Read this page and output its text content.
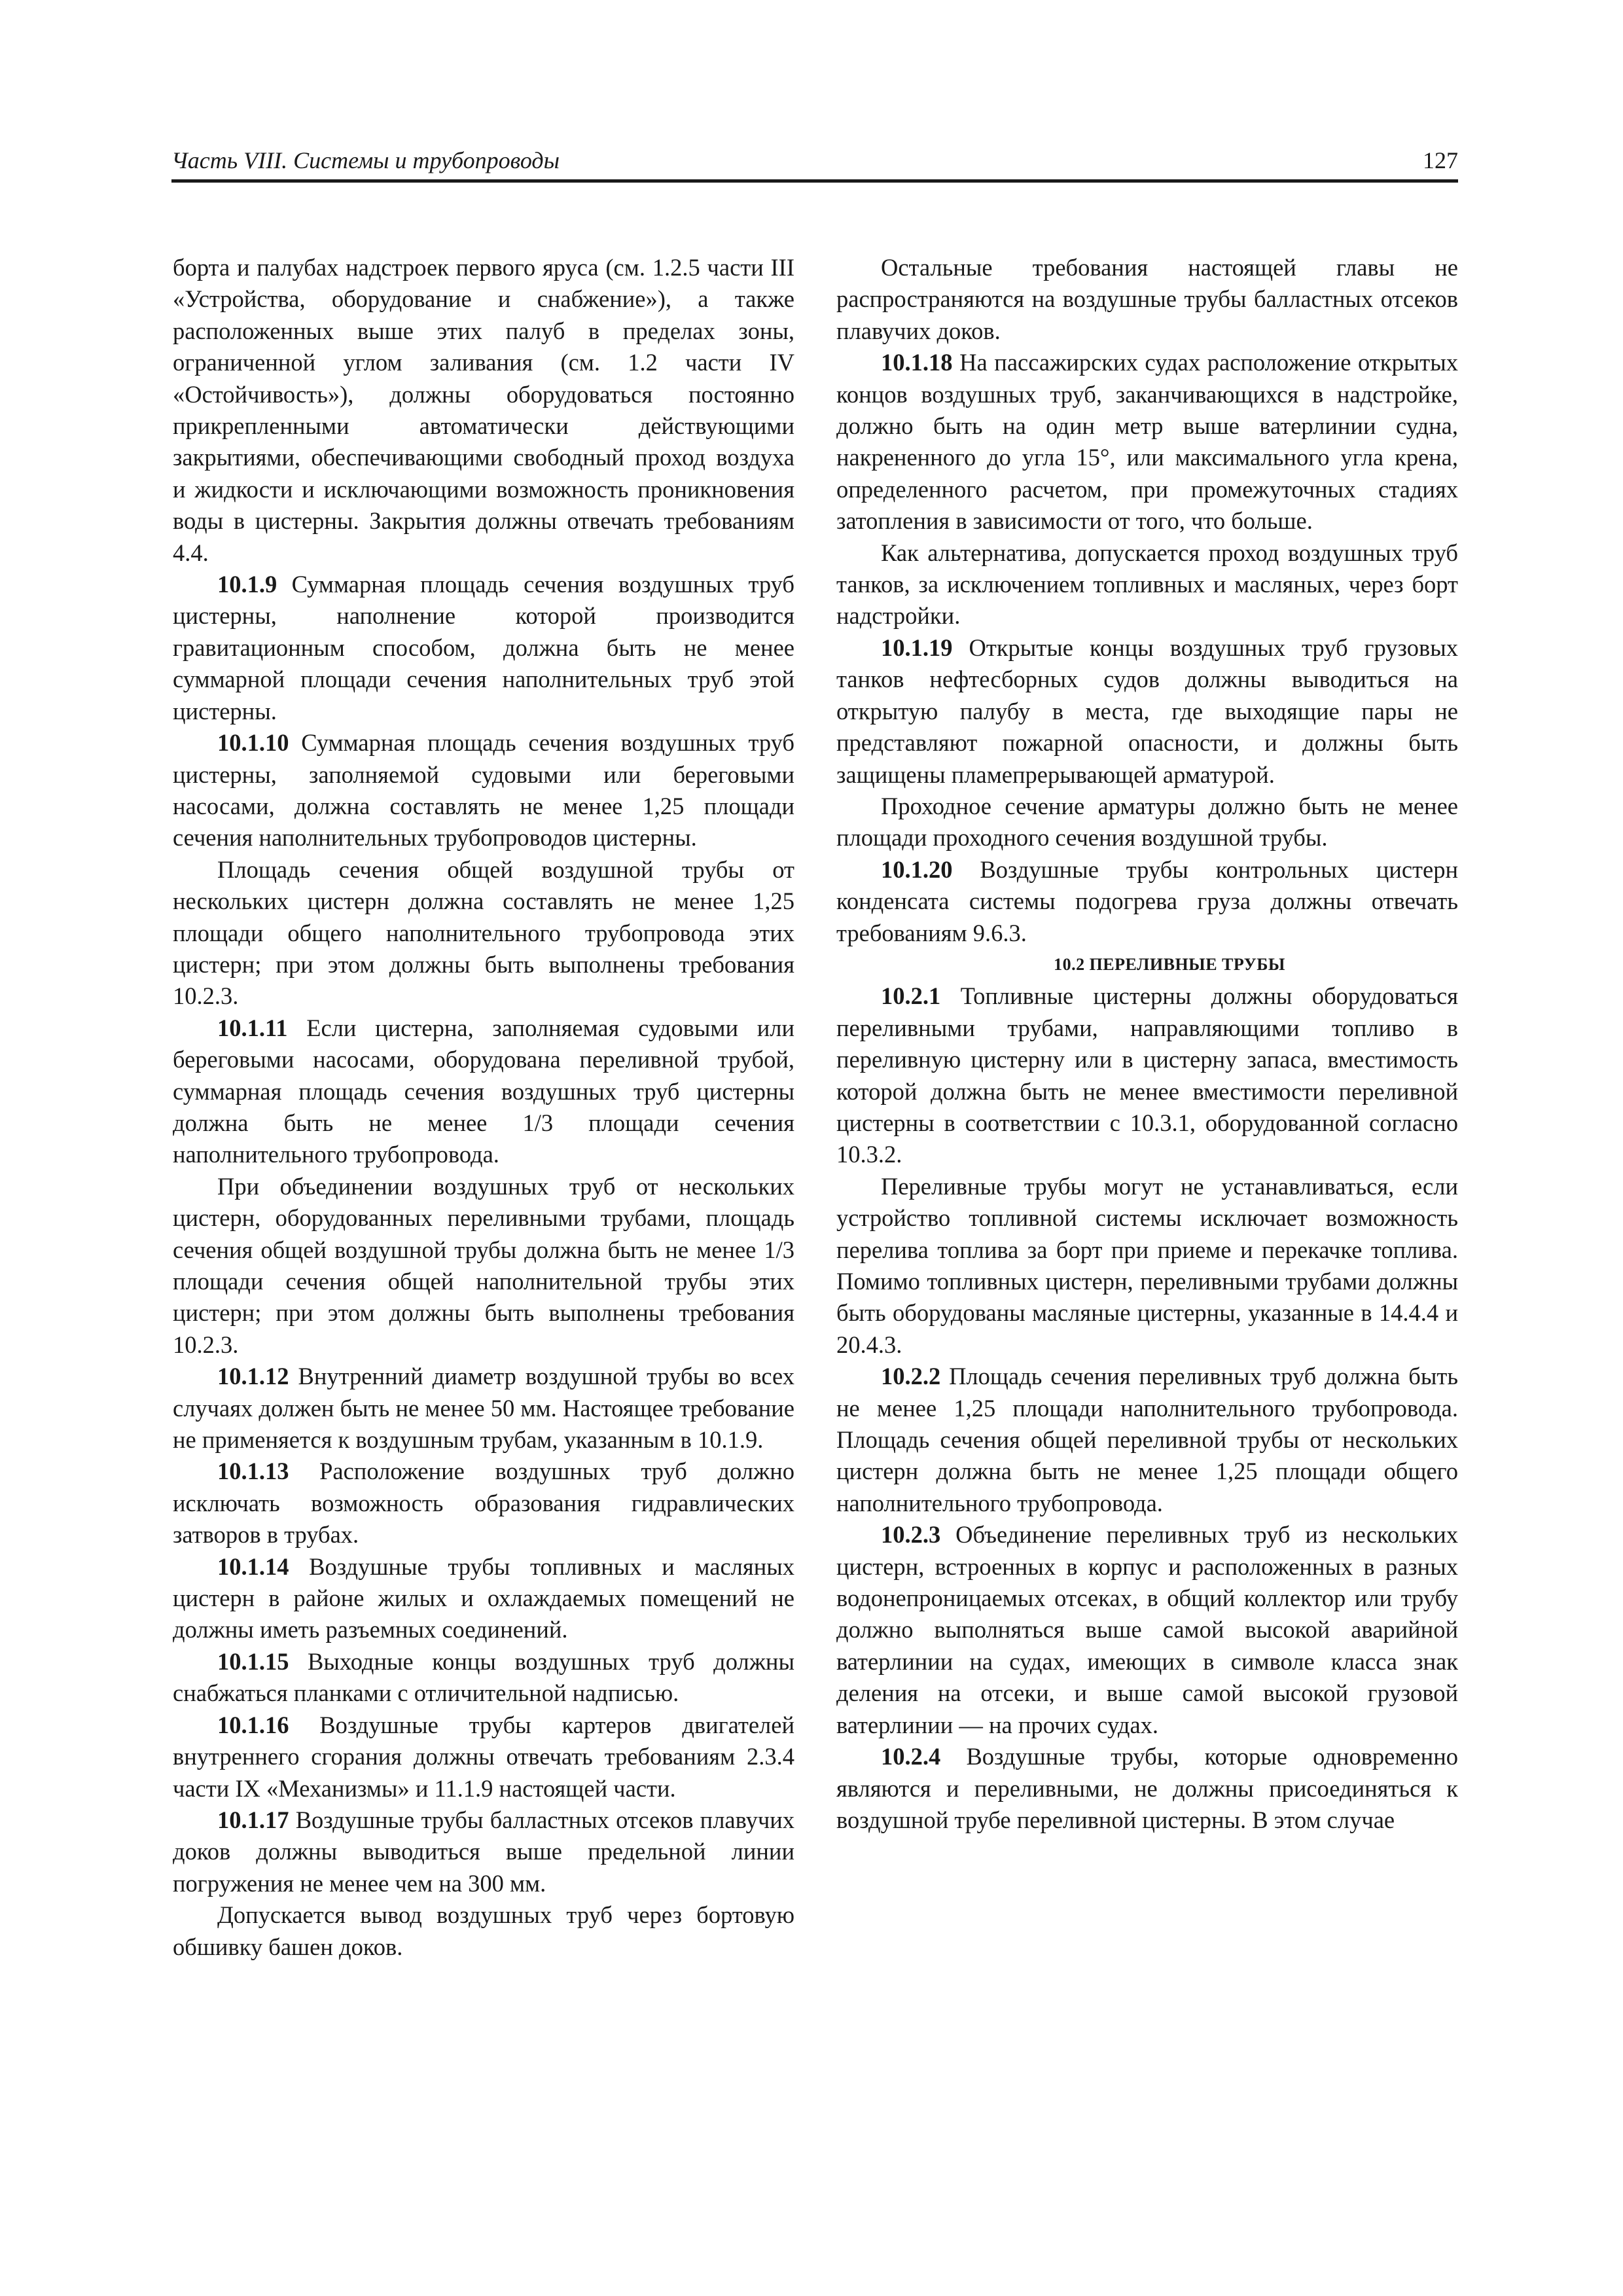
Часть VIII. Системы и трубопроводы	127

борта и палубах надстроек первого яруса (см. 1.2.5 части III «Устройства, оборудование и снабжение»), а также расположенных выше этих палуб в пределах зоны, ограниченной углом заливания (см. 1.2 части IV «Остойчивость»), должны оборудоваться постоянно прикрепленными автоматически действующими закрытиями, обеспечивающими свободный проход воздуха и жидкости и исключающими возможность проникновения воды в цистерны. Закрытия должны отвечать требованиям 4.4.

10.1.9 Суммарная площадь сечения воздушных труб цистерны, наполнение которой производится гравитационным способом, должна быть не менее суммарной площади сечения наполнительных труб этой цистерны.

10.1.10 Суммарная площадь сечения воздушных труб цистерны, заполняемой судовыми или береговыми насосами, должна составлять не менее 1,25 площади сечения наполнительных трубопроводов цистерны.

Площадь сечения общей воздушной трубы от нескольких цистерн должна составлять не менее 1,25 площади общего наполнительного трубопровода этих цистерн; при этом должны быть выполнены требования 10.2.3.

10.1.11 Если цистерна, заполняемая судовыми или береговыми насосами, оборудована переливной трубой, суммарная площадь сечения воздушных труб цистерны должна быть не менее 1/3 площади сечения наполнительного трубопровода.

При объединении воздушных труб от нескольких цистерн, оборудованных переливными трубами, площадь сечения общей воздушной трубы должна быть не менее 1/3 площади сечения общей наполнительной трубы этих цистерн; при этом должны быть выполнены требования 10.2.3.

10.1.12 Внутренний диаметр воздушной трубы во всех случаях должен быть не менее 50 мм. Настоящее требование не применяется к воздушным трубам, указанным в 10.1.9.

10.1.13 Расположение воздушных труб должно исключать возможность образования гидравлических затворов в трубах.

10.1.14 Воздушные трубы топливных и масляных цистерн в районе жилых и охлаждаемых помещений не должны иметь разъемных соединений.

10.1.15 Выходные концы воздушных труб должны снабжаться планками с отличительной надписью.

10.1.16 Воздушные трубы картеров двигателей внутреннего сгорания должны отвечать требованиям 2.3.4 части IX «Механизмы» и 11.1.9 настоящей части.

10.1.17 Воздушные трубы балластных отсеков плавучих доков должны выводиться выше предельной линии погружения не менее чем на 300 мм.

Допускается вывод воздушных труб через бортовую обшивку башен доков.

Остальные требования настоящей главы не распространяются на воздушные трубы балластных отсеков плавучих доков.

10.1.18 На пассажирских судах расположение открытых концов воздушных труб, заканчивающихся в надстройке, должно быть на один метр выше ватерлинии судна, накрененного до угла 15°, или максимального угла крена, определенного расчетом, при промежуточных стадиях затопления в зависимости от того, что больше.

Как альтернатива, допускается проход воздушных труб танков, за исключением топливных и масляных, через борт надстройки.

10.1.19 Открытые концы воздушных труб грузовых танков нефтесборных судов должны выводиться на открытую палубу в места, где выходящие пары не представляют пожарной опасности, и должны быть защищены пламепрерывающей арматурой.

Проходное сечение арматуры должно быть не менее площади проходного сечения воздушной трубы.

10.1.20 Воздушные трубы контрольных цистерн конденсата системы подогрева груза должны отвечать требованиям 9.6.3.

10.2 ПЕРЕЛИВНЫЕ ТРУБЫ

10.2.1 Топливные цистерны должны оборудоваться переливными трубами, направляющими топливо в переливную цистерну или в цистерну запаса, вместимость которой должна быть не менее вместимости переливной цистерны в соответствии с 10.3.1, оборудованной согласно 10.3.2.

Переливные трубы могут не устанавливаться, если устройство топливной системы исключает возможность перелива топлива за борт при приеме и перекачке топлива. Помимо топливных цистерн, переливными трубами должны быть оборудованы масляные цистерны, указанные в 14.4.4 и 20.4.3.

10.2.2 Площадь сечения переливных труб должна быть не менее 1,25 площади наполнительного трубопровода. Площадь сечения общей переливной трубы от нескольких цистерн должна быть не менее 1,25 площади общего наполнительного трубопровода.

10.2.3 Объединение переливных труб из нескольких цистерн, встроенных в корпус и расположенных в разных водонепроницаемых отсеках, в общий коллектор или трубу должно выполняться выше самой высокой аварийной ватерлинии на судах, имеющих в символе класса знак деления на отсеки, и выше самой высокой грузовой ватерлинии — на прочих судах.

10.2.4 Воздушные трубы, которые одновременно являются и переливными, не должны присоединяться к воздушной трубе переливной цистерны. В этом случае
